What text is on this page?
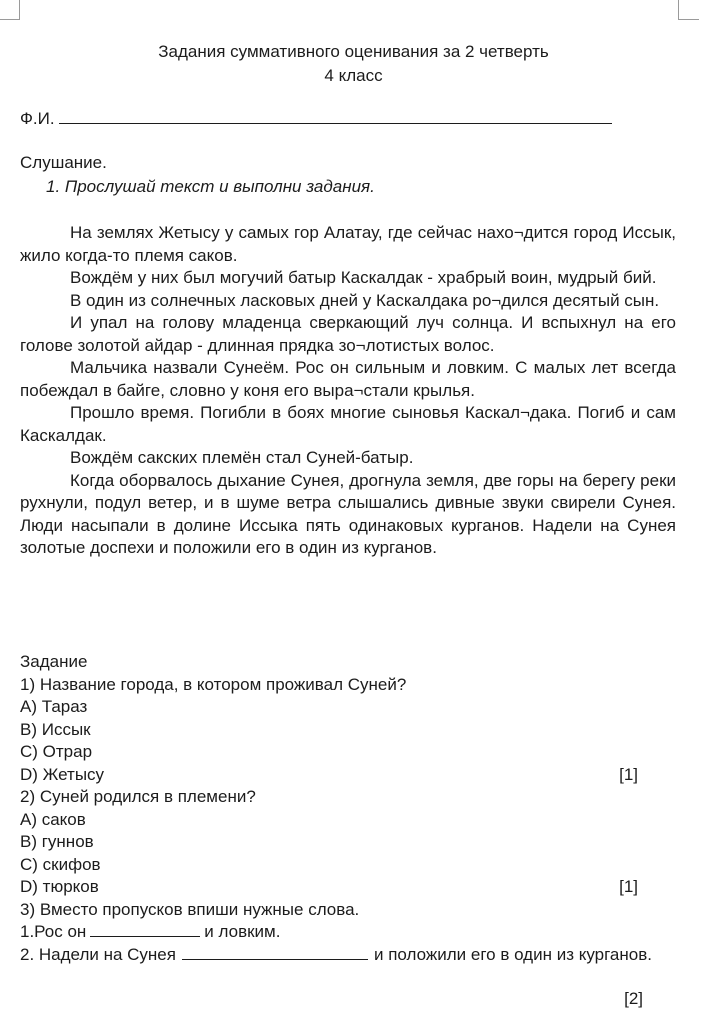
Задания суммативного оценивания за 2 четверть
4 класс
Ф.И.
Слушание.
1. Прослушай текст и выполни задания.

На землях Жетысу у самых гор Алатау, где сейчас нахо¬дится город Иссык, жило когда-то племя саков.

Вождём у них был могучий батыр Каскалдак - храбрый воин, мудрый бий.

В один из солнечных ласковых дней у Каскалдака ро¬дился десятый сын.

И упал на голову младенца сверкающий луч солнца. И вспыхнул на его голове золотой айдар - длинная прядка зо¬лотистых волос.

Мальчика назвали Сунеём. Рос он сильным и ловким. С малых лет всегда побеждал в байге, словно у коня его выра¬стали крылья.

Прошло время. Погибли в боях многие сыновья Каскал¬дака. Погиб и сам Каскалдак.

Вождём сакских племён стал Суней-батыр.

Когда оборвалось дыхание Сунея, дрогнула земля, две горы на берегу реки рухнули, подул ветер, и в шуме ветра слышались дивные звуки свирели Сунея. Люди насыпали в долине Иссыка пять одинаковых курганов. Надели на Сунея золотые доспехи и положили его в один из курганов.

Задание
1) Название города, в котором проживал Суней?
A) Тараз
B) Иссык
C) Отрар
D) Жетысу	[1]
2) Суней родился в племени?
A) саков
B) гуннов
C) скифов
D) тюрков	[1]
3) Вместо пропусков впиши нужные слова.
1.Рос он	и ловким.
2. Надели на Сунея	и положили его в один из курганов.
[2]
